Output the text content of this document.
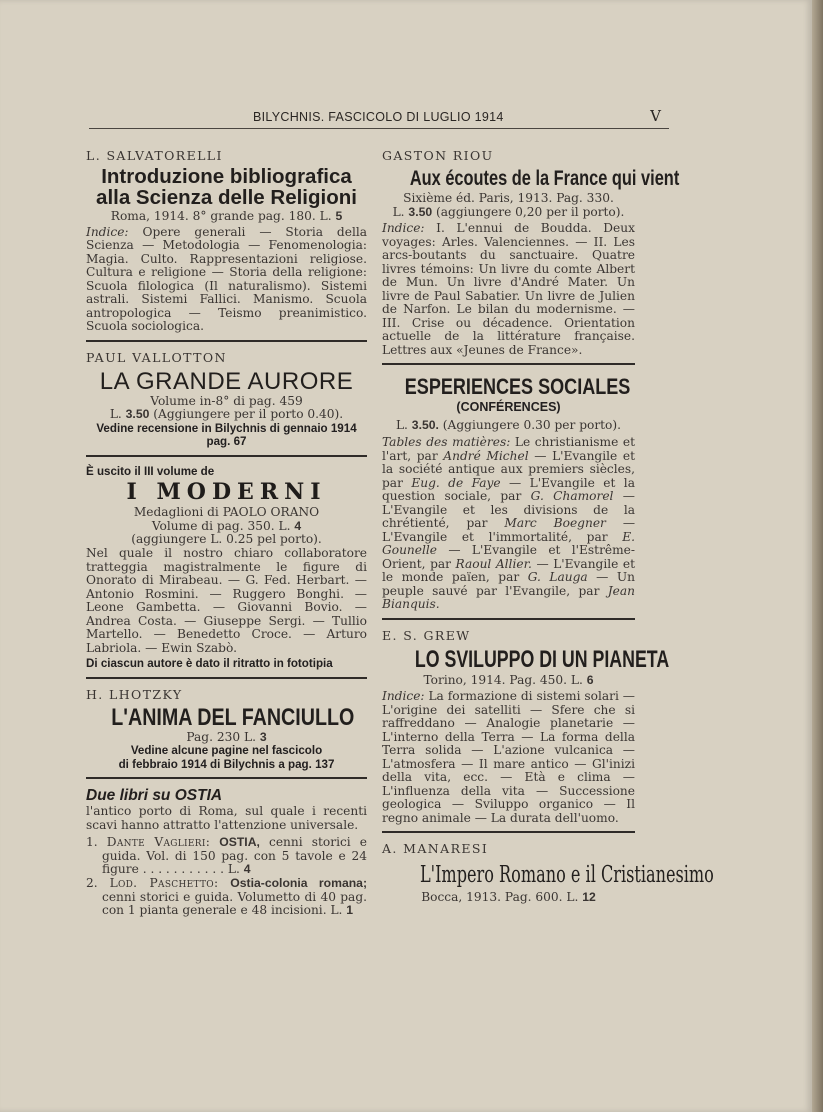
BILYCHNIS. FASCICOLO DI LUGLIO 1914	V
L. SALVATORELLI
Introduzione bibliografica
alla Scienza delle Religioni
Roma, 1914. 8° grande pag. 180. L. 5
Indice: Opere generali — Storia della Scienza — Metodologia — Fenomenologia: Magia. Culto. Rappresentazioni religiose. Cultura e religione — Storia della religione: Scuola filologica (Il naturalismo). Sistemi astrali. Sistemi Fallici. Manismo. Scuola antropologica — Teismo preanimistico. Scuola sociologica.
PAUL VALLOTTON
LA GRANDE AURORE
Volume in-8° di pag. 459
L. 3.50 (Aggiungere per il porto 0.40).
Vedine recensione in Bilychnis di gennaio 1914
pag. 67
È uscito il III volume de
I MODERNI
Medaglioni di PAOLO ORANO
Volume di pag. 350. L. 4
(aggiungere L. 0.25 pel porto).
Nel quale il nostro chiaro collaboratore tratteggia magistralmente le figure di Onorato di Mirabeau. — G. Fed. Herbart. — Antonio Rosmini. — Ruggero Bonghi. — Leone Gambetta. — Giovanni Bovio. — Andrea Costa. — Giuseppe Sergi. — Tullio Martello. — Benedetto Croce. — Arturo Labriola. — Ewin Szabò.
Di ciascun autore è dato il ritratto in fototipia
H. LHOTZKY
L'ANIMA DEL FANCIULLO
Pag. 230 L. 3
Vedine alcune pagine nel fascicolo
di febbraio 1914 di Bilychnis a pag. 137
Due libri su OSTIA
l'antico porto di Roma, sul quale i recenti scavi hanno attratto l'attenzione universale.
1. Dante Vaglieri: OSTIA, cenni storici e guida. Vol. di 150 pag. con 5 tavole e 24 figure . . . . . . . . . . . L. 4
2. Lod. Paschetto: Ostia-colonia romana; cenni storici e guida. Volumetto di 40 pag. con 1 pianta generale e 48 incisioni. L. 1
GASTON RIOU
Aux écoutes de la France qui vient
Sixième éd. Paris, 1913. Pag. 330.
L. 3.50 (aggiungere 0,20 per il porto).
Indice: I. L'ennui de Boudda. Deux voyages: Arles. Valenciennes. — II. Les arcs-boutants du sanctuaire. Quatre livres témoins: Un livre du comte Albert de Mun. Un livre d'André Mater. Un livre de Paul Sabatier. Un livre de Julien de Narfon. Le bilan du modernisme. — III. Crise ou décadence. Orientation actuelle de la littérature française. Lettres aux «Jeunes de France».
ESPERIENCES SOCIALES
(CONFÉRENCES)
L. 3.50. (Aggiungere 0.30 per porto).
Tables des matières: Le christianisme et l'art, par André Michel — L'Evangile et la société antique aux premiers siècles, par Eug. de Faye — L'Evangile et la question sociale, par G. Chamorel — L'Evangile et les divisions de la chrétienté, par Marc Boegner — L'Evangile et l'immortalité, par E. Gounelle — L'Evangile et l'Estrême-Orient, par Raoul Allier. — L'Evangile et le monde païen, par G. Lauga — Un peuple sauvé par l'Evangile, par Jean Bianquis.
E. S. GREW
LO SVILUPPO DI UN PIANETA
Torino, 1914. Pag. 450. L. 6
Indice: La formazione di sistemi solari — L'origine dei satelliti — Sfere che si raffreddano — Analogie planetarie — L'interno della Terra — La forma della Terra solida — L'azione vulcanica — L'atmosfera — Il mare antico — Gl'inizi della vita, ecc. — Età e clima — L'influenza della vita — Successione geologica — Sviluppo organico — Il regno animale — La durata dell'uomo.
A. MANARESI
L'Impero Romano e il Cristianesimo
Bocca, 1913. Pag. 600. L. 12
